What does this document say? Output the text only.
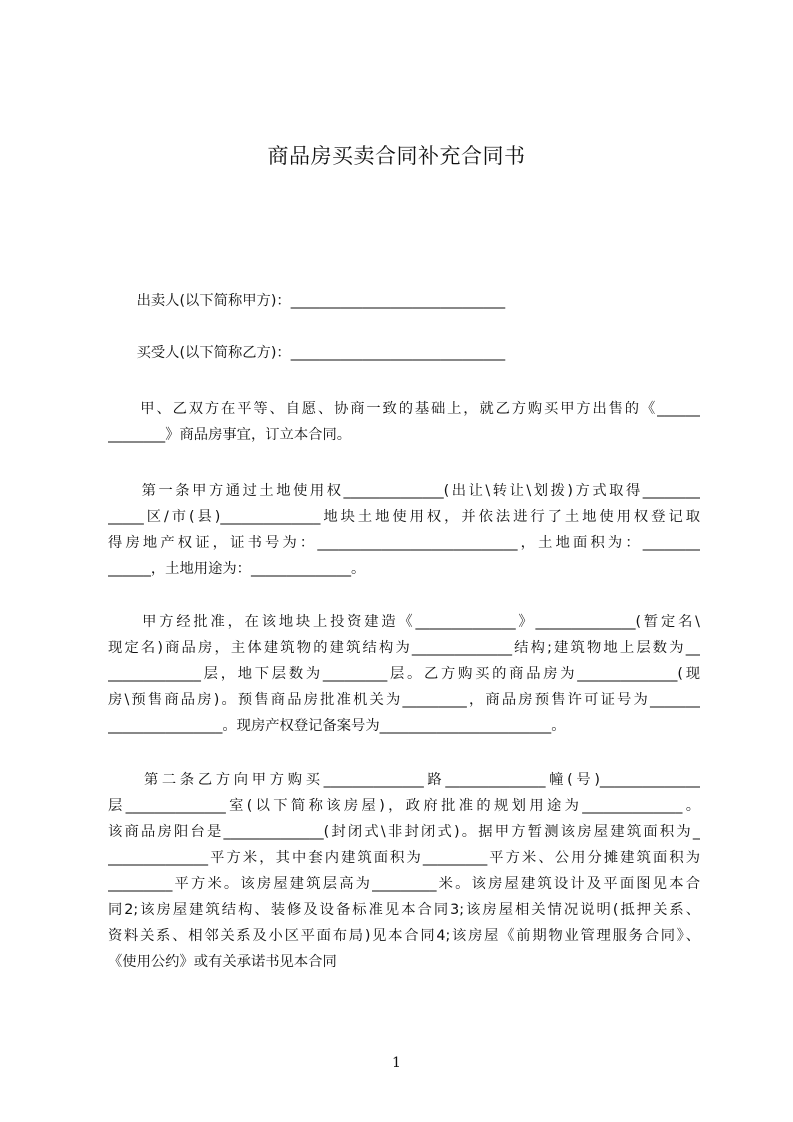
商品房买卖合同补充合同书
　　出卖人(以下简称甲方)：______________________________
　　买受人(以下简称乙方)：______________________________
　　甲、乙双方在平等、自愿、协商一致的基础上，就乙方购买甲方出售的《______
________》商品房事宜，订立本合同。
　　第一条甲方通过土地使用权______________(出让\转让\划拨)方式取得________
_____区/市(县)______________地块土地使用权，并依法进行了土地使用权登记取
得房地产权证，证书号为：____________________________，土地面积为：________
______，土地用途为：______________。
　　甲方经批准，在该地块上投资建造《______________》______________(暂定名\
现定名)商品房，主体建筑物的建筑结构为______________结构;建筑物地上层数为__
_____________层，地下层数为_________层。乙方购买的商品房为______________(现
房\预售商品房)。预售商品房批准机关为_________，商品房预售许可证号为_______
________________。现房产权登记备案号为________________________。
　　第二条乙方向甲方购买______________路______________幢(号)______________
层______________室(以下简称该房屋)，政府批准的规划用途为______________。
该商品房阳台是______________(封闭式\非封闭式)。据甲方暂测该房屋建筑面积为_
______________平方米，其中套内建筑面积为_________平方米、公用分摊建筑面积为
_________平方米。该房屋建筑层高为_________米。该房屋建筑设计及平面图见本合
同2;该房屋建筑结构、装修及设备标准见本合同3;该房屋相关情况说明(抵押关系、
资料关系、相邻关系及小区平面布局)见本合同4;该房屋《前期物业管理服务合同》、
《使用公约》或有关承诺书见本合同
1
